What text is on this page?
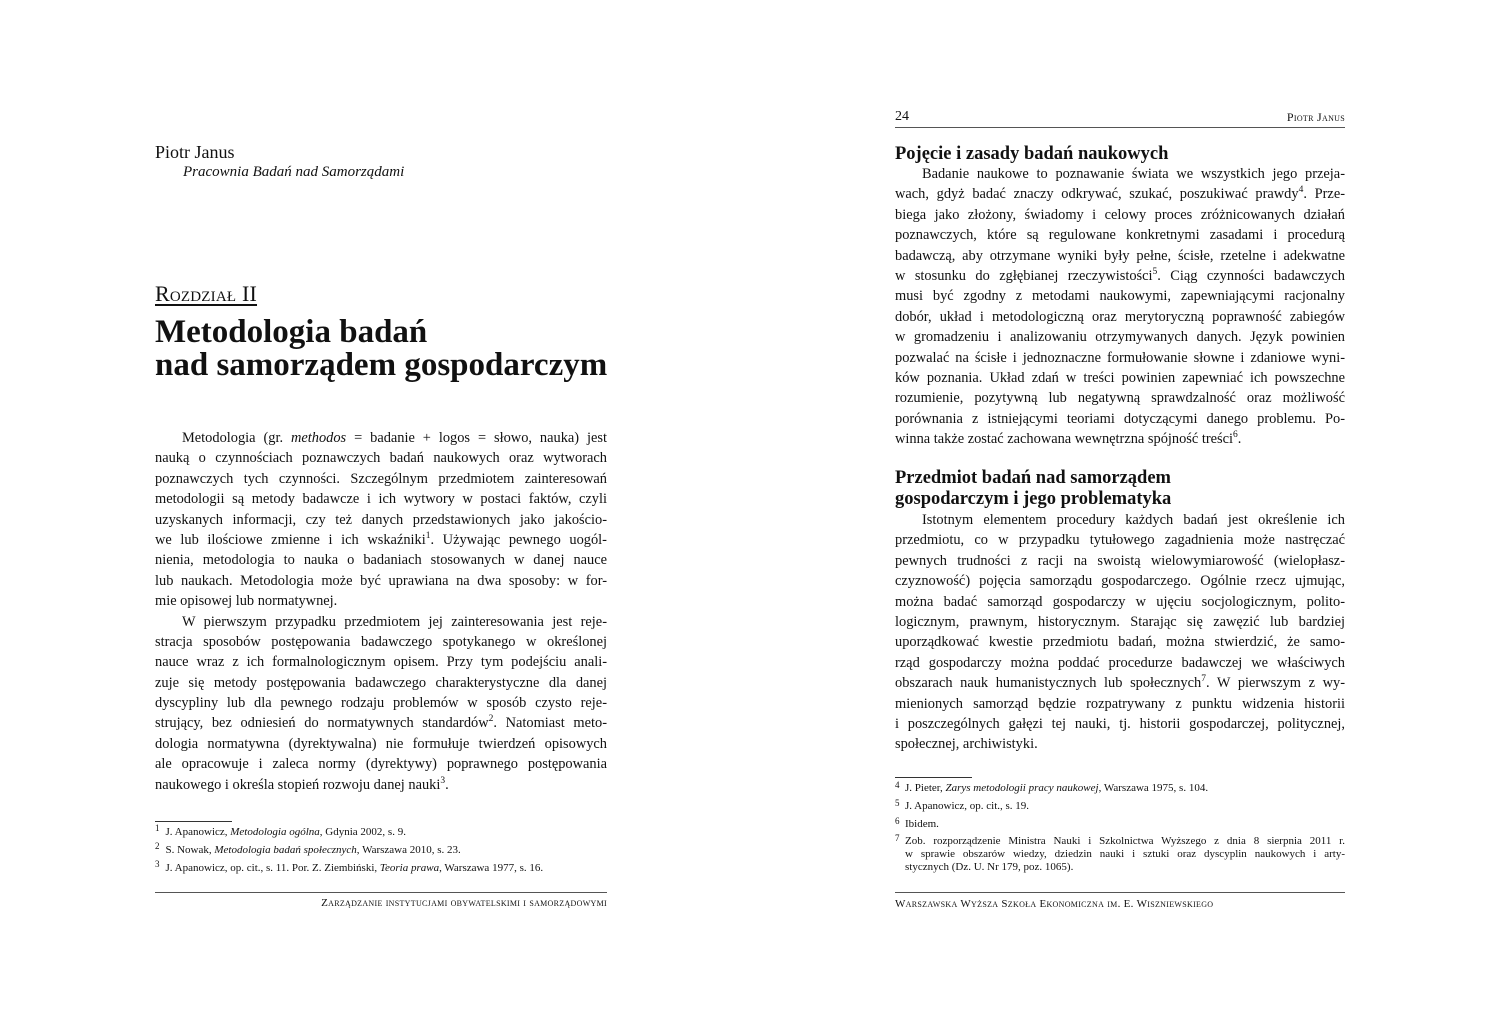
Piotr Janus
Pracownia Badań nad Samorządami
Rozdział II
Metodologia badań
nad samorządem gospodarczym
Metodologia (gr. methodos = badanie + logos = słowo, nauka) jest
nauką o czynnościach poznawczych badań naukowych oraz wytworach
poznawczych tych czynności. Szczególnym przedmiotem zainteresowań
metodologii są metody badawcze i ich wytwory w postaci faktów, czyli
uzyskanych informacji, czy też danych przedstawionych jako jakościo-
we lub ilościowe zmienne i ich wskaźniki$^1$. Używając pewnego uogól-
nienia, metodologia to nauka o badaniach stosowanych w danej nauce
lub naukach. Metodologia może być uprawiana na dwa sposoby: w for-
mie opisowej lub normatywnej.
W pierwszym przypadku przedmiotem jej zainteresowania jest reje-
stracja sposobów postępowania badawczego spotykanego w określonej
nauce wraz z ich formalnologicznym opisem. Przy tym podejściu anali-
zuje się metody postępowania badawczego charakterystyczne dla danej
dyscypliny lub dla pewnego rodzaju problemów w sposób czysto reje-
strujący, bez odniesień do normatywnych standardów$^2$. Natomiast meto-
dologia normatywna (dyrektywalna) nie formułuje twierdzeń opisowych
ale opracowuje i zaleca normy (dyrektywy) poprawnego postępowania
naukowego i określa stopień rozwoju danej nauki$^3$.
$^1$ J. Apanowicz, Metodologia ogólna, Gdynia 2002, s. 9.
$^2$ S. Nowak, Metodologia badań społecznych, Warszawa 2010, s. 23.
$^3$ J. Apanowicz, op. cit., s. 11. Por. Z. Ziembiński, Teoria prawa, Warszawa 1977, s. 16.
Zarządzanie instytucjami obywatelskimi i samorządowymi
24	Piotr Janus
Pojęcie i zasady badań naukowych
Badanie naukowe to poznawanie świata we wszystkich jego przeja-
wach, gdyż badać znaczy odkrywać, szukać, poszukiwać prawdy$^4$. Prze-
biega jako złożony, świadomy i celowy proces zróżnicowanych działań
poznawczych, które są regulowane konkretnymi zasadami i procedurą
badawczą, aby otrzymane wyniki były pełne, ścisłe, rzetelne i adekwatne
w stosunku do zgłębianej rzeczywistości$^5$. Ciąg czynności badawczych
musi być zgodny z metodami naukowymi, zapewniającymi racjonalny
dobór, układ i metodologiczną oraz merytoryczną poprawność zabiegów
w gromadzeniu i analizowaniu otrzymywanych danych. Język powinien
pozwalać na ścisłe i jednoznaczne formułowanie słowne i zdaniowe wyni-
ków poznania. Układ zdań w treści powinien zapewniać ich powszechne
rozumienie, pozytywną lub negatywną sprawdzalność oraz możliwość
porównania z istniejącymi teoriami dotyczącymi danego problemu. Po-
winna także zostać zachowana wewnętrzna spójność treści$^6$.
Przedmiot badań nad samorządem
gospodarczym i jego problematyka
Istotnym elementem procedury każdych badań jest określenie ich
przedmiotu, co w przypadku tytułowego zagadnienia może nastręczać
pewnych trudności z racji na swoistą wielowymiarowość (wielopłasz-
czyznowość) pojęcia samorządu gospodarczego. Ogólnie rzecz ujmując,
można badać samorząd gospodarczy w ujęciu socjologicznym, polito-
logicznym, prawnym, historycznym. Starając się zawęzić lub bardziej
uporządkować kwestie przedmiotu badań, można stwierdzić, że samo-
rząd gospodarczy można poddać procedurze badawczej we właściwych
obszarach nauk humanistycznych lub społecznych$^7$. W pierwszym z wy-
mienionych samorząd będzie rozpatrywany z punktu widzenia historii
i poszczególnych gałęzi tej nauki, tj. historii gospodarczej, politycznej,
społecznej, archiwistyki.
4 J. Pieter, Zarys metodologii pracy naukowej, Warszawa 1975, s. 104.
5 J. Apanowicz, op. cit., s. 19.
6 Ibidem.
7 Zob. rozporządzenie Ministra Nauki i Szkolnictwa Wyższego z dnia 8 sierpnia 2011 r.
w sprawie obszarów wiedzy, dziedzin nauki i sztuki oraz dyscyplin naukowych i arty-
stycznych (Dz. U. Nr 179, poz. 1065).
Warszawska Wyższa Szkoła Ekonomiczna im. E. Wiszniewskiego
